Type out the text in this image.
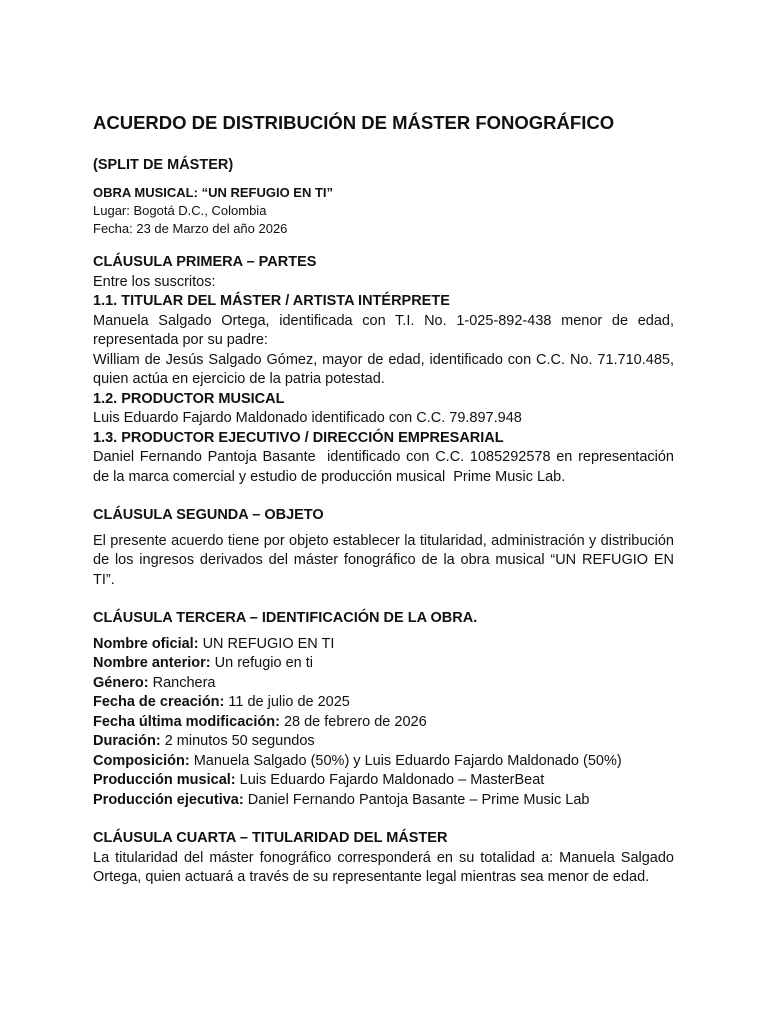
ACUERDO DE DISTRIBUCIÓN DE MÁSTER FONOGRÁFICO
(SPLIT DE MÁSTER)
OBRA MUSICAL: “UN REFUGIO EN TI”
Lugar: Bogotá D.C., Colombia
Fecha: 23 de Marzo del año 2026
CLÁUSULA PRIMERA – PARTES

Entre los suscritos:

1.1. TITULAR DEL MÁSTER / ARTISTA INTÉRPRETE

Manuela Salgado Ortega, identificada con T.I. No. 1-025-892-438 menor de edad, representada por su padre:

William de Jesús Salgado Gómez, mayor de edad, identificado con C.C. No. 71.710.485, quien actúa en ejercicio de la patria potestad.

1.2. PRODUCTOR MUSICAL

Luis Eduardo Fajardo Maldonado identificado con C.C. 79.897.948

1.3. PRODUCTOR EJECUTIVO / DIRECCIÓN EMPRESARIAL

Daniel Fernando Pantoja Basante  identificado con C.C. 1085292578 en representación de la marca comercial y estudio de producción musical  Prime Music Lab.

CLÁUSULA SEGUNDA – OBJETO

El presente acuerdo tiene por objeto establecer la titularidad, administración y distribución de los ingresos derivados del máster fonográfico de la obra musical “UN REFUGIO EN TI”.

CLÁUSULA TERCERA – IDENTIFICACIÓN DE LA OBRA.
Nombre oficial: UN REFUGIO EN TI
Nombre anterior: Un refugio en ti
Género: Ranchera
Fecha de creación: 11 de julio de 2025
Fecha última modificación: 28 de febrero de 2026
Duración: 2 minutos 50 segundos
Composición: Manuela Salgado (50%) y Luis Eduardo Fajardo Maldonado (50%)
Producción musical: Luis Eduardo Fajardo Maldonado – MasterBeat
Producción ejecutiva: Daniel Fernando Pantoja Basante – Prime Music Lab
CLÁUSULA CUARTA – TITULARIDAD DEL MÁSTER

La titularidad del máster fonográfico corresponderá en su totalidad a: Manuela Salgado Ortega, quien actuará a través de su representante legal mientras sea menor de edad.
